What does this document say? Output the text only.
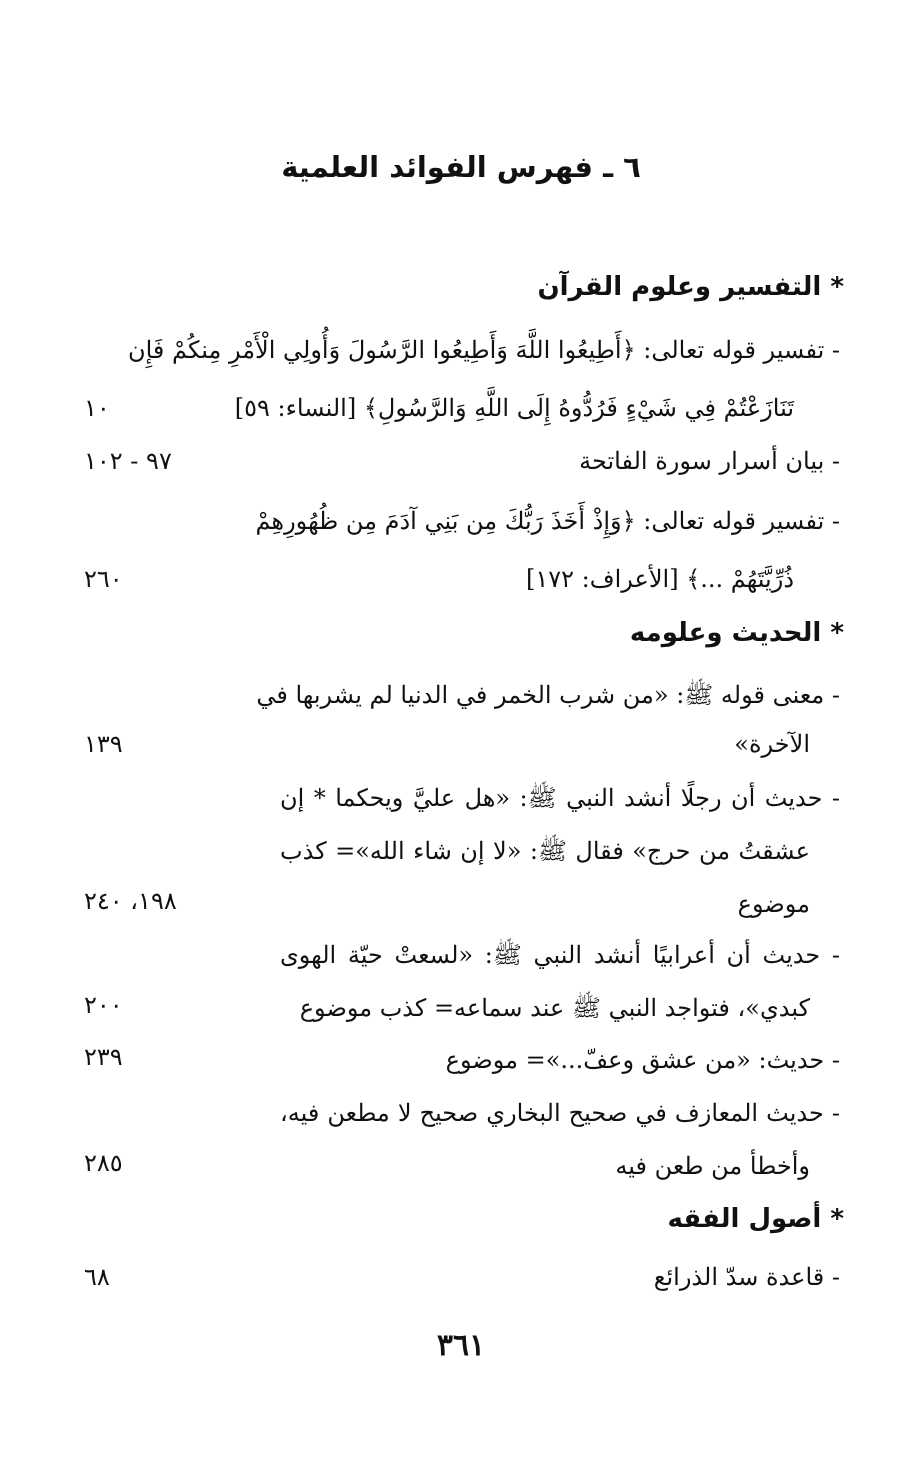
٦ ـ فهرس الفوائد العلمية
* التفسير وعلوم القرآن
- تفسير قوله تعالى: ﴿أَطِيعُوا اللَّهَ وَأَطِيعُوا الرَّسُولَ وَأُولِي الْأَمْرِ مِنكُمْ فَإِن
تَنَازَعْتُمْ فِي شَيْءٍ فَرُدُّوهُ إِلَى اللَّهِ وَالرَّسُولِ﴾ [النساء: ٥٩]
١٠
- بيان أسرار سورة الفاتحة
٩٧ - ١٠٢
- تفسير قوله تعالى: ﴿وَإِذْ أَخَذَ رَبُّكَ مِن بَنِي آدَمَ مِن ظُهُورِهِمْ
ذُرِّيَّتَهُمْ ...﴾ [الأعراف: ١٧٢]
٢٦٠
* الحديث وعلومه
- معنى قوله ﷺ: «من شرب الخمر في الدنيا لم يشربها في
الآخرة»
١٣٩
- حديث أن رجلًا أنشد النبي ﷺ: «هل عليَّ ويحكما * إن
عشقتُ من حرج» فقال ﷺ: «لا إن شاء الله»= كذب
موضوع
١٩٨، ٢٤٠
- حديث أن أعرابيًا أنشد النبي ﷺ: «لسعتْ حيّة الهوى
كبدي»، فتواجد النبي ﷺ عند سماعه= كذب موضوع
٢٠٠
- حديث: «من عشق وعفّ...»= موضوع
٢٣٩
- حديث المعازف في صحيح البخاري صحيح لا مطعن فيه،
وأخطأ من طعن فيه
٢٨٥
* أصول الفقه
- قاعدة سدّ الذرائع
٦٨
٣٦١
